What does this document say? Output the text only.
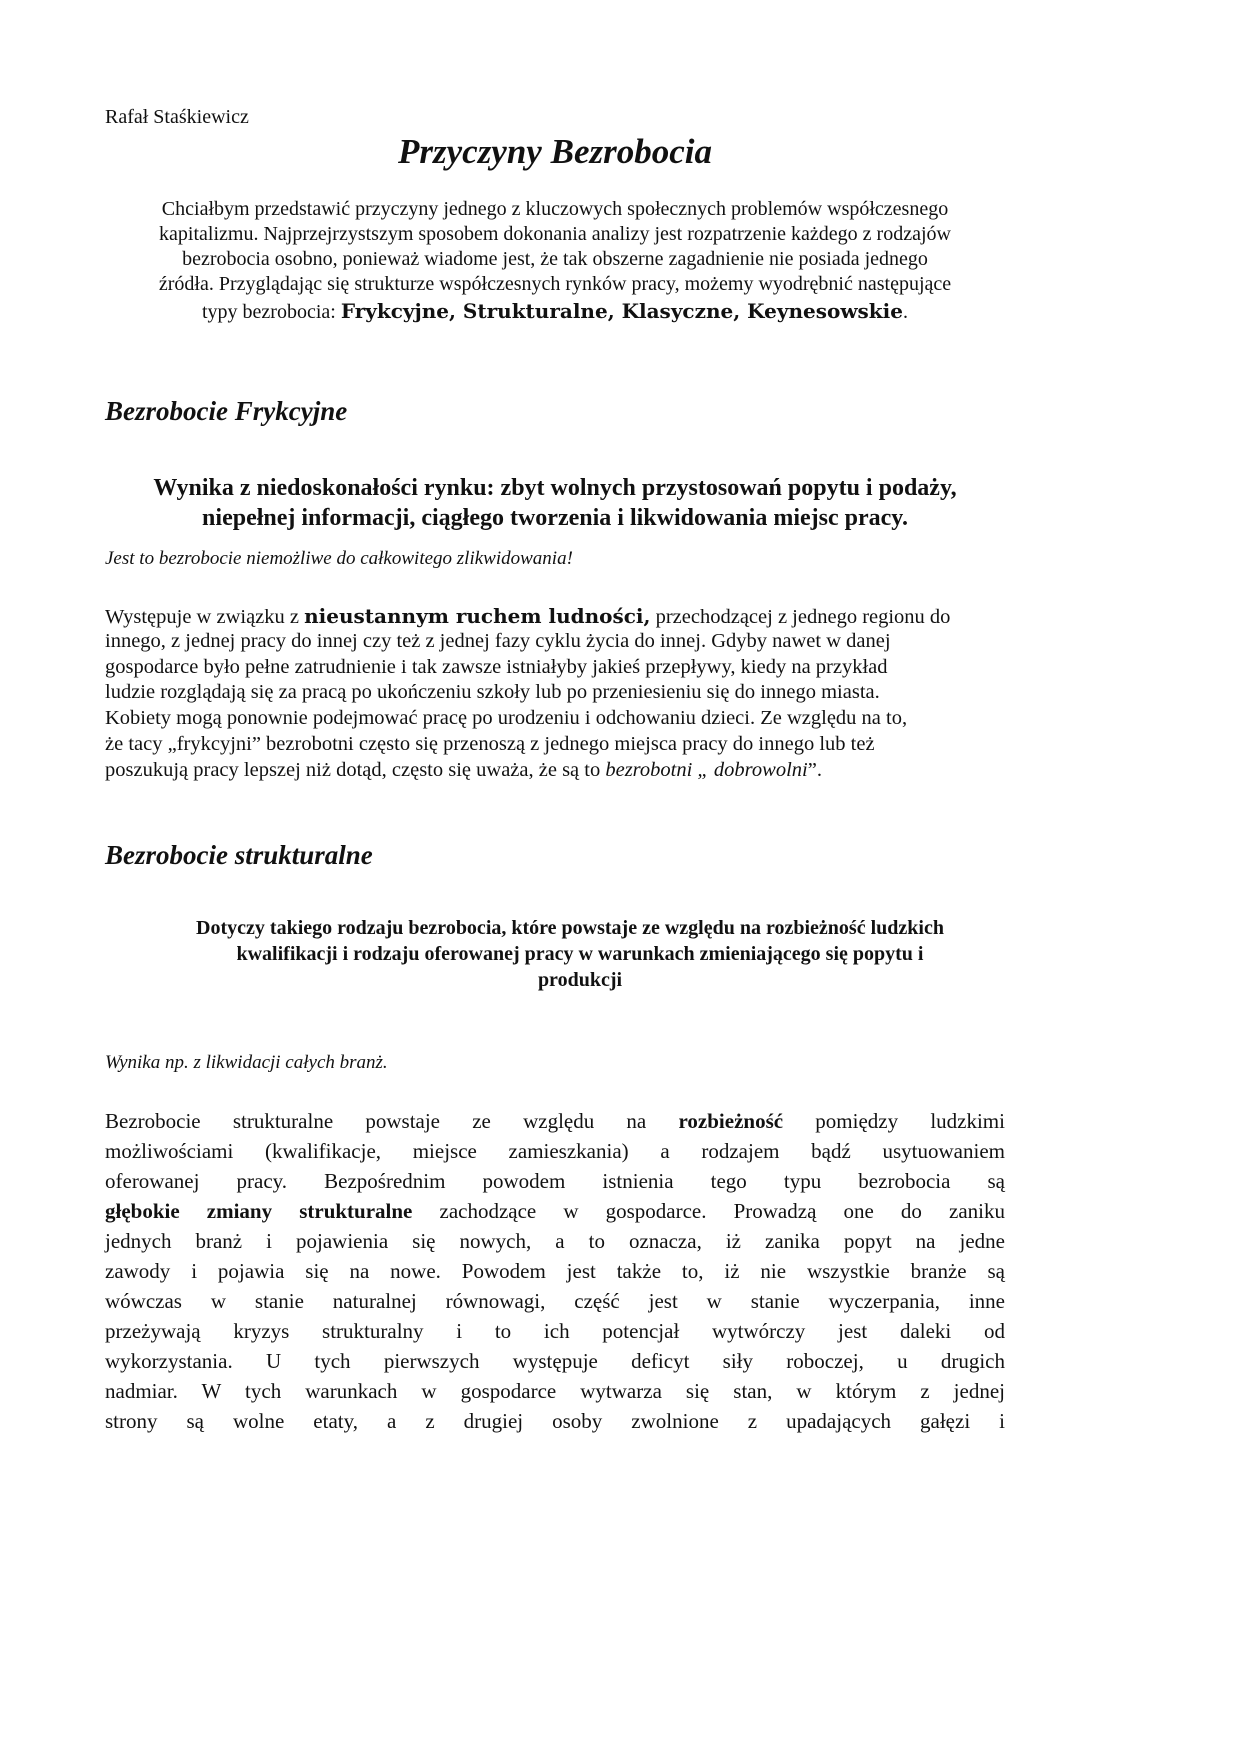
Rafał Staśkiewicz
Przyczyny Bezrobocia
Chciałbym przedstawić przyczyny jednego z kluczowych społecznych problemów współczesnego
kapitalizmu. Najprzejrzystszym sposobem dokonania analizy jest rozpatrzenie każdego z rodzajów
bezrobocia osobno, ponieważ wiadome jest, że tak obszerne zagadnienie nie posiada jednego
źródła. Przyglądając się strukturze współczesnych rynków pracy, możemy wyodrębnić następujące
typy bezrobocia: Frykcyjne, Strukturalne, Klasyczne, Keynesowskie.
Bezrobocie Frykcyjne
Wynika z niedoskonałości rynku: zbyt wolnych przystosowań popytu i podaży,
niepełnej informacji, ciągłego tworzenia i likwidowania miejsc pracy.
Jest to bezrobocie niemożliwe do całkowitego zlikwidowania!
Występuje w związku z nieustannym ruchem ludności, przechodzącej z jednego regionu do
innego, z jednej pracy do innej czy też z jednej fazy cyklu życia do innej. Gdyby nawet w danej
gospodarce było pełne zatrudnienie i tak zawsze istniałyby jakieś przepływy, kiedy na przykład
ludzie rozglądają się za pracą po ukończeniu szkoły lub po przeniesieniu się do innego miasta.
Kobiety mogą ponownie podejmować pracę po urodzeniu i odchowaniu dzieci. Ze względu na to,
że tacy „frykcyjni” bezrobotni często się przenoszą z jednego miejsca pracy do innego lub też
poszukują pracy lepszej niż dotąd, często się uważa, że są to bezrobotni „ dobrowolni”.
Bezrobocie strukturalne
Dotyczy takiego rodzaju bezrobocia, które powstaje ze względu na rozbieżność ludzkich
kwalifikacji i rodzaju oferowanej pracy w warunkach zmieniającego się popytu i
produkcji
Wynika np. z likwidacji całych branż.
Bezrobocie strukturalne powstaje ze względu na rozbieżność pomiędzy ludzkimi
możliwościami (kwalifikacje, miejsce zamieszkania) a rodzajem bądź usytuowaniem
oferowanej pracy. Bezpośrednim powodem istnienia tego typu bezrobocia są
głębokie zmiany strukturalne zachodzące w gospodarce. Prowadzą one do zaniku
jednych branż i pojawienia się nowych, a to oznacza, iż zanika popyt na jedne
zawody i pojawia się na nowe. Powodem jest także to, iż nie wszystkie branże są
wówczas w stanie naturalnej równowagi, część jest w stanie wyczerpania, inne
przeżywają kryzys strukturalny i to ich potencjał wytwórczy jest daleki od
wykorzystania. U tych pierwszych występuje deficyt siły roboczej, u drugich
nadmiar. W tych warunkach w gospodarce wytwarza się stan, w którym z jednej
strony są wolne etaty, a z drugiej osoby zwolnione z upadających gałęzi i
